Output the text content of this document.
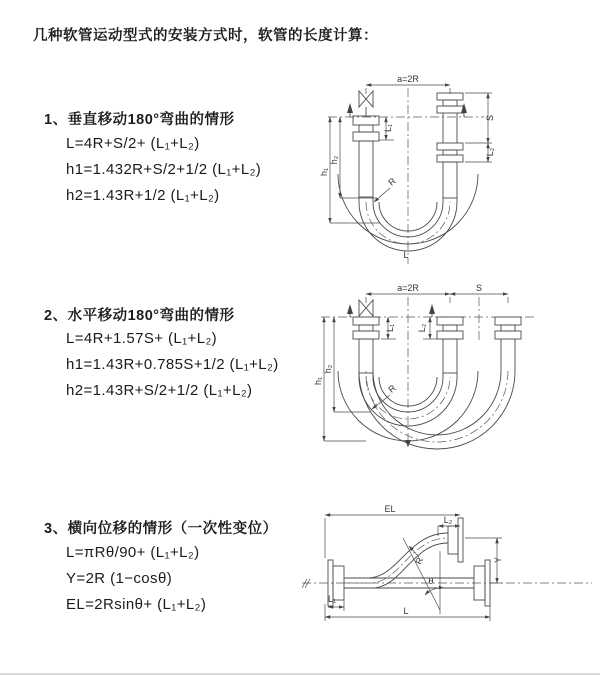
几种软管运动型式的安装方式时，软管的长度计算：
1、垂直移动180°弯曲的情形
L=4R+S/2+ (L₁+L₂)
h1=1.432R+S/2+1/2 (L₁+L₂)
h2=1.43R+1/2 (L₁+L₂)
2、水平移动180°弯曲的情形
L=4R+1.57S+ (L₁+L₂)
h1=1.43R+0.785S+1/2 (L₁+L₂)
h2=1.43R+S/2+1/2 (L₁+L₂)
3、横向位移的情形（一次性变位）
L=πRθ/90+ (L₁+L₂)
Y=2R (1−cosθ)
EL=2Rsinθ+ (L₁+L₂)
a=2R
h₁
h₂
L₁
S
L₂
R
L
a=2R	S
h₁
h₂
L₁ L₂
R
EL
L₂
Y
R
θ
L
L₁
